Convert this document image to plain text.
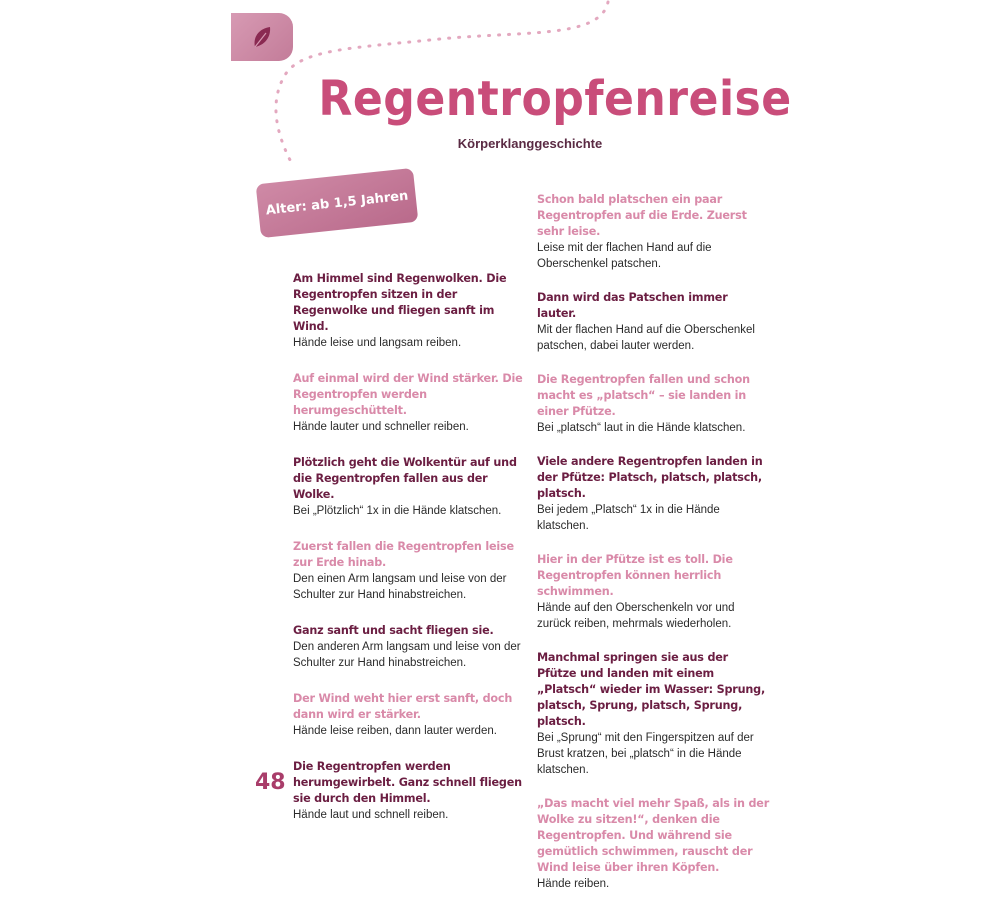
Regentropfenreise
Körperklanggeschichte
Alter: ab 1,5 Jahren

Am Himmel sind Regenwolken. Die Regentropfen sitzen in der Regenwolke und fliegen sanft im Wind.

Hände leise und langsam reiben.

Auf einmal wird der Wind stärker. Die Regentropfen werden herumgeschüttelt.

Hände lauter und schneller reiben.

Plötzlich geht die Wolkentür auf und die Regentropfen fallen aus der Wolke.

Bei „Plötzlich“ 1x in die Hände klatschen.

Zuerst fallen die Regentropfen leise zur Erde hinab.

Den einen Arm langsam und leise von der Schulter zur Hand hinabstreichen.

Ganz sanft und sacht fliegen sie.

Den anderen Arm langsam und leise von der Schulter zur Hand hinabstreichen.

Der Wind weht hier erst sanft, doch dann wird er stärker.

Hände leise reiben, dann lauter werden.

Die Regentropfen werden herumgewirbelt. Ganz schnell fliegen sie durch den Himmel.

Hände laut und schnell reiben.

Schon bald platschen ein paar Regentropfen auf die Erde. Zuerst sehr leise.

Leise mit der flachen Hand auf die Oberschenkel patschen.

Dann wird das Patschen immer lauter.

Mit der flachen Hand auf die Oberschenkel patschen, dabei lauter werden.

Die Regentropfen fallen und schon macht es „platsch“ – sie landen in einer Pfütze.

Bei „platsch“ laut in die Hände klatschen.

Viele andere Regentropfen landen in der Pfütze: Platsch, platsch, platsch, platsch.

Bei jedem „Platsch“ 1x in die Hände klatschen.

Hier in der Pfütze ist es toll. Die Regentropfen können herrlich schwimmen.

Hände auf den Oberschenkeln vor und zurück reiben, mehrmals wiederholen.

Manchmal springen sie aus der Pfütze und landen mit einem „Platsch“ wieder im Wasser: Sprung, platsch, Sprung, platsch, Sprung, platsch.

Bei „Sprung“ mit den Fingerspitzen auf der Brust kratzen, bei „platsch“ in die Hände klatschen.

„Das macht viel mehr Spaß, als in der Wolke zu sitzen!“, denken die Regentropfen. Und während sie gemütlich schwimmen, rauscht der Wind leise über ihren Köpfen.

Hände reiben.

48
